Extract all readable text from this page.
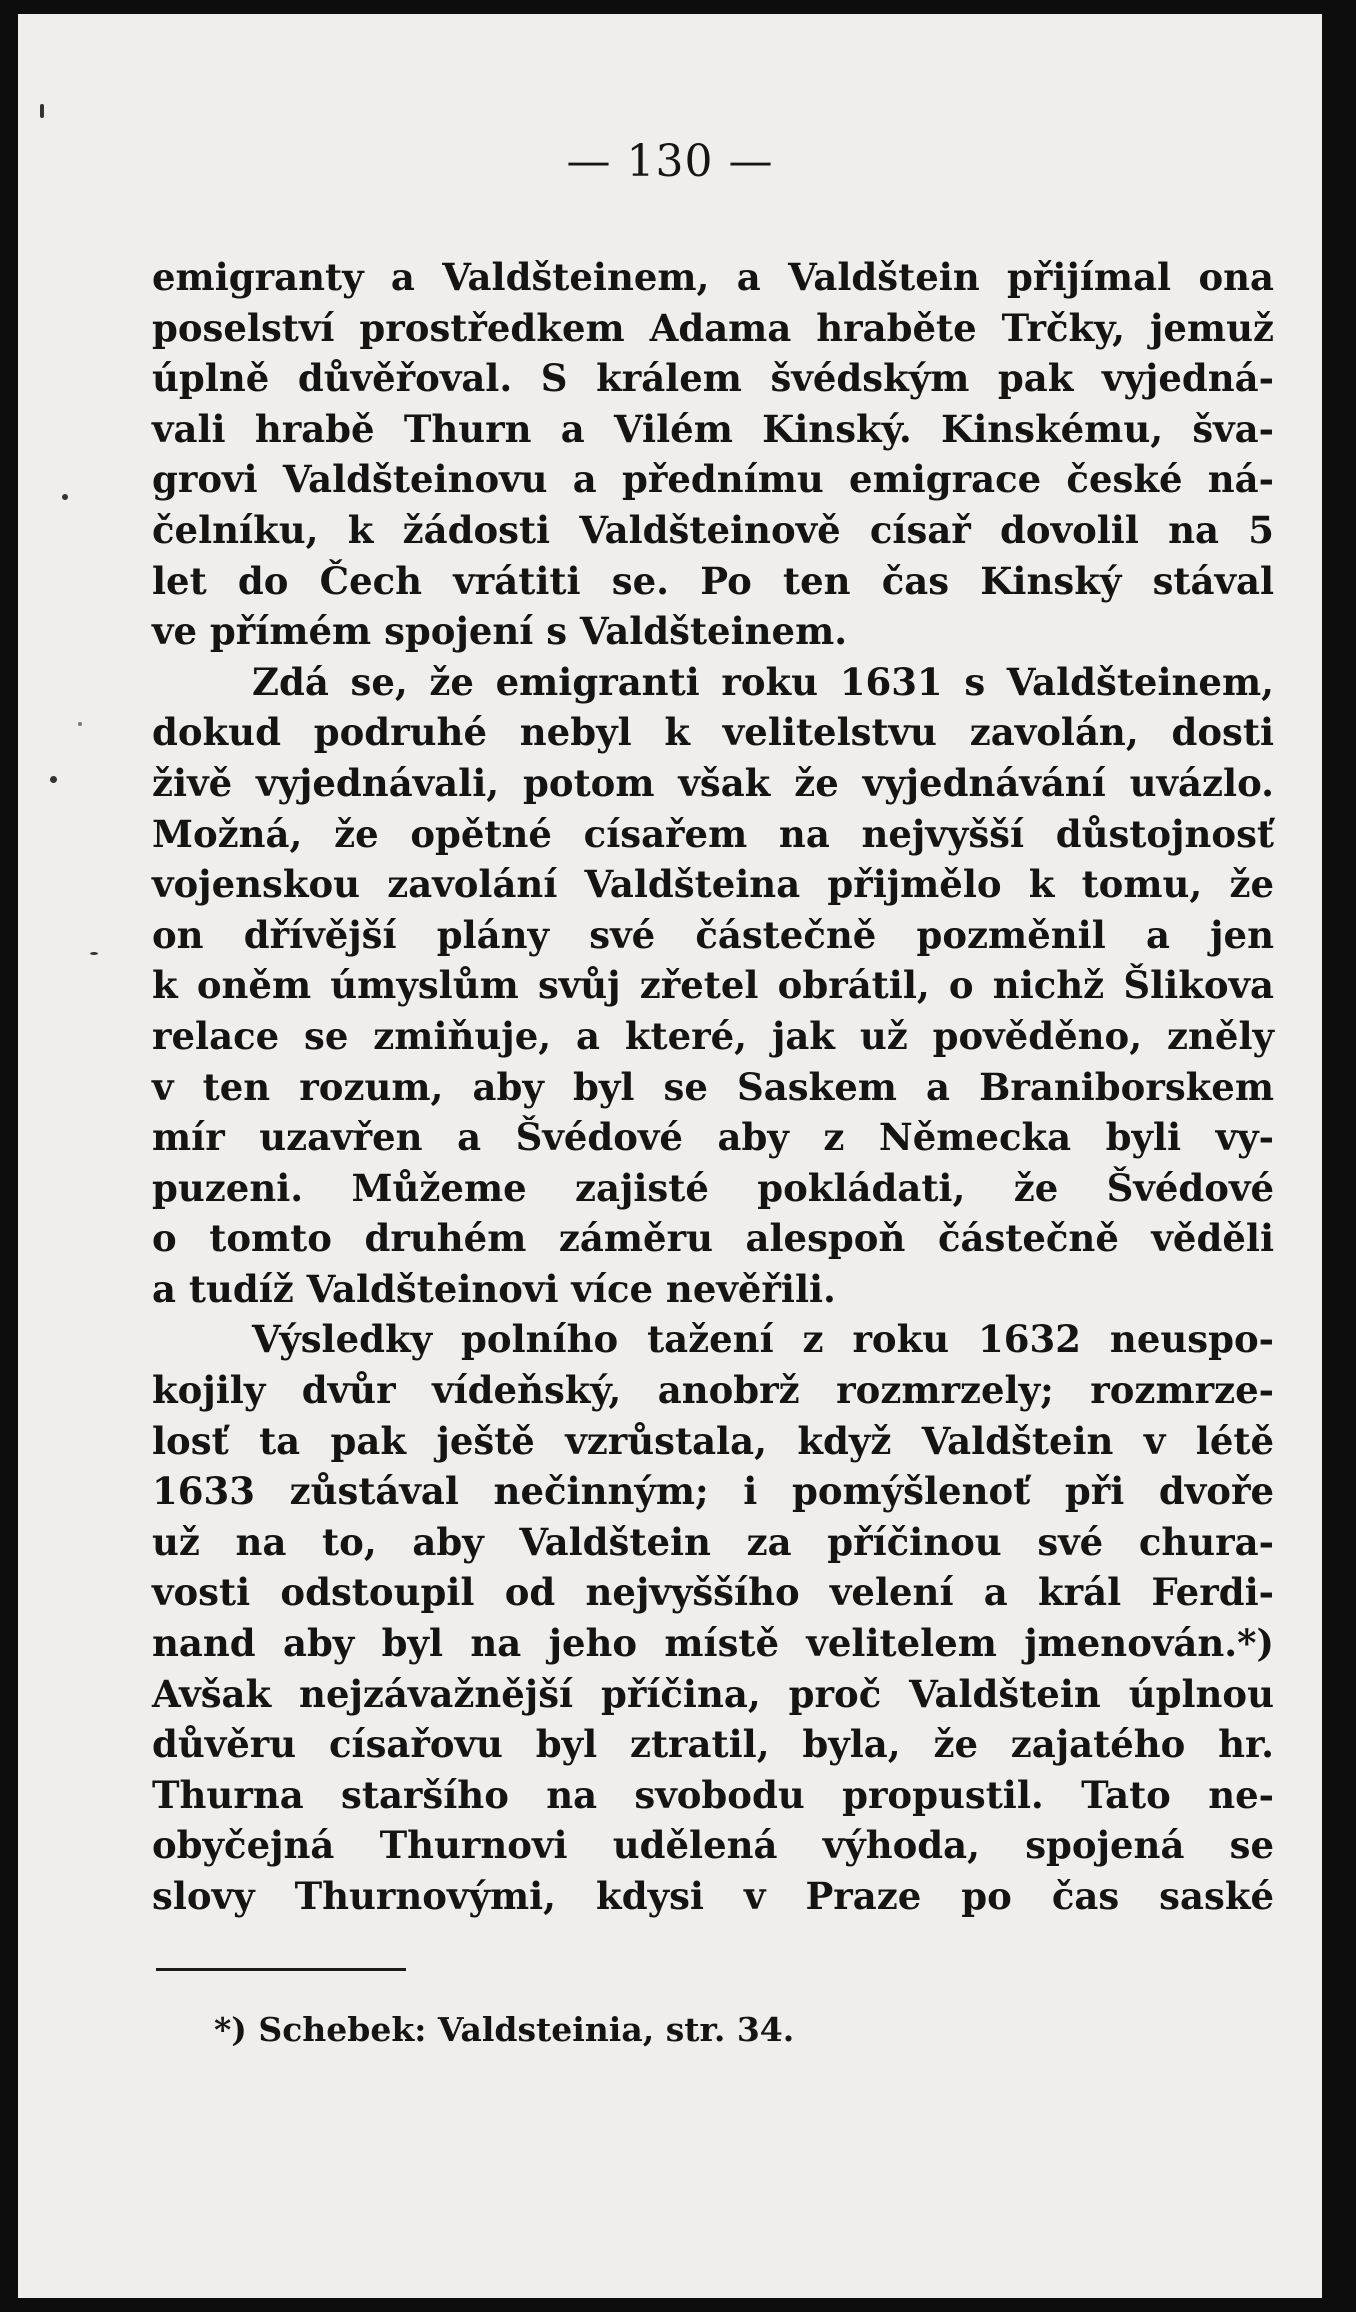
— 130 —
emigranty a Valdšteinem, a Valdštein přijímal ona
poselství prostředkem Adama hraběte Trčky, jemuž
úplně důvěřoval. S králem švédským pak vyjedná-
vali hrabě Thurn a Vilém Kinský. Kinskému, šva-
grovi Valdšteinovu a přednímu emigrace české ná-
čelníku, k žádosti Valdšteinově císař dovolil na 5
let do Čech vrátiti se. Po ten čas Kinský stával
ve přímém spojení s Valdšteinem.
Zdá se, že emigranti roku 1631 s Valdšteinem,
dokud podruhé nebyl k velitelstvu zavolán, dosti
živě vyjednávali, potom však že vyjednávání uvázlo.
Možná, že opětné císařem na nejvyšší důstojnosť
vojenskou zavolání Valdšteina přijmělo k tomu, že
on dřívější plány své částečně pozměnil a jen
k oněm úmyslům svůj zřetel obrátil, o nichž Šlikova
relace se zmiňuje, a které, jak už pověděno, zněly
v ten rozum, aby byl se Saskem a Braniborskem
mír uzavřen a Švédové aby z Německa byli vy-
puzeni. Můžeme zajisté pokládati, že Švédové
o tomto druhém záměru alespoň částečně věděli
a tudíž Valdšteinovi více nevěřili.
Výsledky polního tažení z roku 1632 neuspo-
kojily dvůr vídeňský, anobrž rozmrzely; rozmrze-
losť ta pak ještě vzrůstala, když Valdštein v létě
1633 zůstával nečinným; i pomýšlenoť při dvoře
už na to, aby Valdštein za příčinou své chura-
vosti odstoupil od nejvyššího velení a král Ferdi-
nand aby byl na jeho místě velitelem jmenován.*)
Avšak nejzávažnější příčina, proč Valdštein úplnou
důvěru císařovu byl ztratil, byla, že zajatého hr.
Thurna staršího na svobodu propustil. Tato ne-
obyčejná Thurnovi udělená výhoda, spojená se
slovy Thurnovými, kdysi v Praze po čas saské
*) Schebek: Valdsteinia, str. 34.
